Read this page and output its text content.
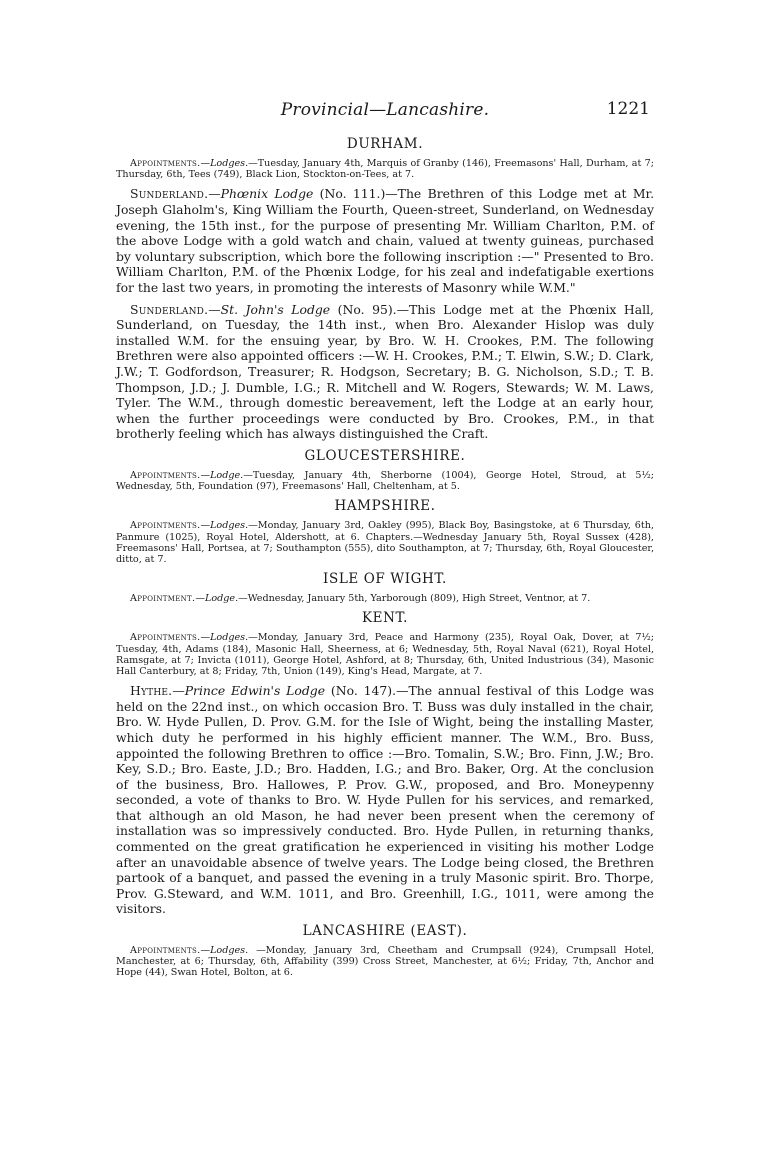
Provincial—Lancashire.	1221
DURHAM.

Appointments.—Lodges.—Tuesday, January 4th, Marquis of Granby (146), Freemasons' Hall, Durham, at 7; Thursday, 6th, Tees (749), Black Lion, Stockton-on-Tees, at 7.

Sunderland.—Phœnix Lodge (No. 111.)—The Brethren of this Lodge met at Mr. Joseph Glaholm's, King William the Fourth, Queen-street, Sunderland, on Wednesday evening, the 15th inst., for the purpose of presenting Mr. William Charlton, P.M. of the above Lodge with a gold watch and chain, valued at twenty guineas, purchased by voluntary subscription, which bore the following inscription :—" Presented to Bro. William Charlton, P.M. of the Phœnix Lodge, for his zeal and indefatigable exertions for the last two years, in promoting the interests of Masonry while W.M."

Sunderland.—St. John's Lodge (No. 95).—This Lodge met at the Phœnix Hall, Sunderland, on Tuesday, the 14th inst., when Bro. Alexander Hislop was duly installed W.M. for the ensuing year, by Bro. W. H. Crookes, P.M. The following Brethren were also appointed officers :—W. H. Crookes, P.M.; T. Elwin, S.W.; D. Clark, J.W.; T. Godfordson, Treasurer; R. Hodgson, Secretary; B. G. Nicholson, S.D.; T. B. Thompson, J.D.; J. Dumble, I.G.; R. Mitchell and W. Rogers, Stewards; W. M. Laws, Tyler. The W.M., through domestic bereavement, left the Lodge at an early hour, when the further proceedings were conducted by Bro. Crookes, P.M., in that brotherly feeling which has always distinguished the Craft.

GLOUCESTERSHIRE.

Appointments.—Lodge.—Tuesday, January 4th, Sherborne (1004), George Hotel, Stroud, at 5½; Wednesday, 5th, Foundation (97), Freemasons' Hall, Cheltenham, at 5.

HAMPSHIRE.

Appointments.—Lodges.—Monday, January 3rd, Oakley (995), Black Boy, Basingstoke, at 6 Thursday, 6th, Panmure (1025), Royal Hotel, Aldershott, at 6. Chapters.—Wednesday January 5th, Royal Sussex (428), Freemasons' Hall, Portsea, at 7; Southampton (555), dito Southampton, at 7; Thursday, 6th, Royal Gloucester, ditto, at 7.

ISLE OF WIGHT.

Appointment.—Lodge.—Wednesday, January 5th, Yarborough (809), High Street, Ventnor, at 7.

KENT.

Appointments.—Lodges.—Monday, January 3rd, Peace and Harmony (235), Royal Oak, Dover, at 7½; Tuesday, 4th, Adams (184), Masonic Hall, Sheerness, at 6; Wednesday, 5th, Royal Naval (621), Royal Hotel, Ramsgate, at 7; Invicta (1011), George Hotel, Ashford, at 8; Thursday, 6th, United Industrious (34), Masonic Hall Canterbury, at 8; Friday, 7th, Union (149), King's Head, Margate, at 7.

Hythe.—Prince Edwin's Lodge (No. 147).—The annual festival of this Lodge was held on the 22nd inst., on which occasion Bro. T. Buss was duly installed in the chair, Bro. W. Hyde Pullen, D. Prov. G.M. for the Isle of Wight, being the installing Master, which duty he performed in his highly efficient manner. The W.M., Bro. Buss, appointed the following Brethren to office :—Bro. Tomalin, S.W.; Bro. Finn, J.W.; Bro. Key, S.D.; Bro. Easte, J.D.; Bro. Hadden, I.G.; and Bro. Baker, Org. At the conclusion of the business, Bro. Hallowes, P. Prov. G.W., proposed, and Bro. Moneypenny seconded, a vote of thanks to Bro. W. Hyde Pullen for his services, and remarked, that although an old Mason, he had never been present when the ceremony of installation was so impressively conducted. Bro. Hyde Pullen, in returning thanks, commented on the great gratification he experienced in visiting his mother Lodge after an unavoidable absence of twelve years. The Lodge being closed, the Brethren partook of a banquet, and passed the evening in a truly Masonic spirit. Bro. Thorpe, Prov. G.Steward, and W.M. 1011, and Bro. Greenhill, I.G., 1011, were among the visitors.

LANCASHIRE (EAST).

Appointments.—Lodges. —Monday, January 3rd, Cheetham and Crumpsall (924), Crumpsall Hotel, Manchester, at 6; Thursday, 6th, Affability (399) Cross Street, Manchester, at 6½; Friday, 7th, Anchor and Hope (44), Swan Hotel, Bolton, at 6.
